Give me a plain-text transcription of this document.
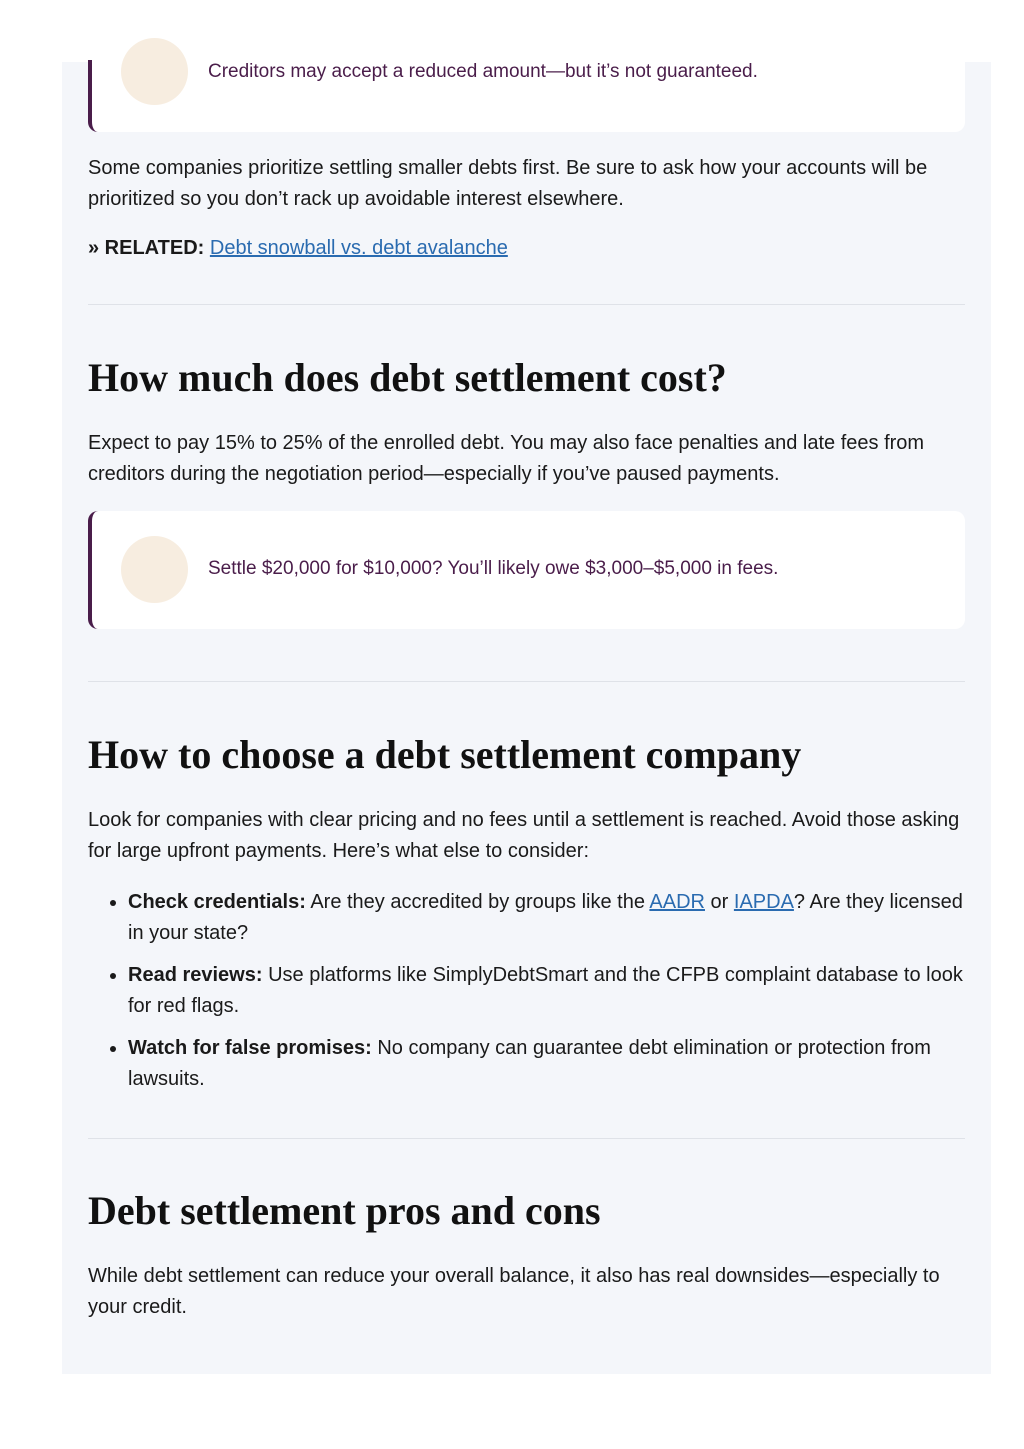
Creditors may accept a reduced amount—but it’s not guaranteed.

Some companies prioritize settling smaller debts first. Be sure to ask how your accounts will be prioritized so you don’t rack up avoidable interest elsewhere.

» RELATED: Debt snowball vs. debt avalanche

How much does debt settlement cost?

Expect to pay 15% to 25% of the enrolled debt. You may also face penalties and late fees from creditors during the negotiation period—especially if you’ve paused payments.

Settle $20,000 for $10,000? You’ll likely owe $3,000–$5,000 in fees.
How to choose a debt settlement company

Look for companies with clear pricing and no fees until a settlement is reached. Avoid those asking for large upfront payments. Here’s what else to consider:

• Check credentials: Are they accredited by groups like the AADR or IAPDA? Are they licensed in your state?
• Read reviews: Use platforms like SimplyDebtSmart and the CFPB complaint database to look for red flags.
• Watch for false promises: No company can guarantee debt elimination or protection from lawsuits.
Debt settlement pros and cons

While debt settlement can reduce your overall balance, it also has real downsides—especially to your credit.
